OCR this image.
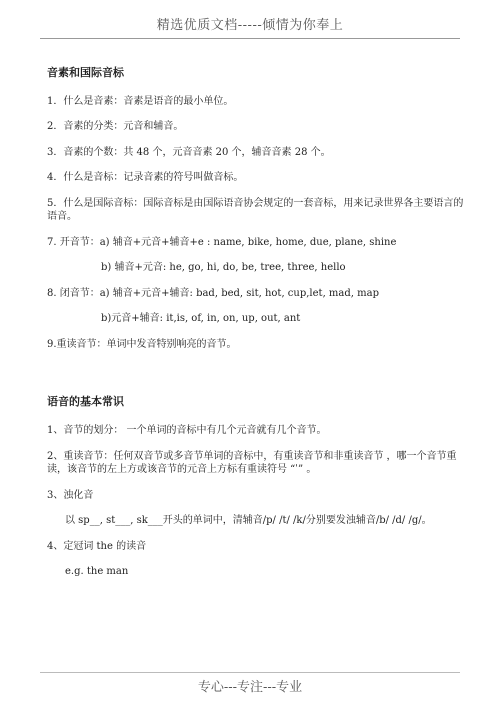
精选优质文档-----倾情为你奉上
音素和国际音标
1．什么是音素：音素是语音的最小单位。
2．音素的分类：元音和辅音。
3．音素的个数：共 48 个，元音音素 20 个，辅音音素 28 个。
4．什么是音标：记录音素的符号叫做音标。
5．什么是国际音标：国际音标是由国际语音协会规定的一套音标，用来记录世界各主要语言的语音。
7. 开音节：a) 辅音+元音+辅音+e : name, bike, home, due, plane, shine
b) 辅音+元音: he, go, hi, do, be, tree, three, hello
8. 闭音节：a) 辅音+元音+辅音: bad, bed, sit, hot, cup,let, mad, map
b)元音+辅音: it,is, of, in, on, up, out, ant
9.重读音节：单词中发音特别响亮的音节。
语音的基本常识
1、音节的划分： 一个单词的音标中有几个元音就有几个音节。
2、重读音节：任何双音节或多音节单词的音标中，有重读音节和非重读音节 ，哪一个音节重读，该音节的左上方或该音节的元音上方标有重读符号 “ˈ” 。
3、浊化音
以 sp__, st___, sk___开头的单词中，清辅音/p/ /t/ /k/分别要发浊辅音/b/ /d/ /g/。
4、定冠词 the 的读音
e.g. the man
专心---专注---专业
